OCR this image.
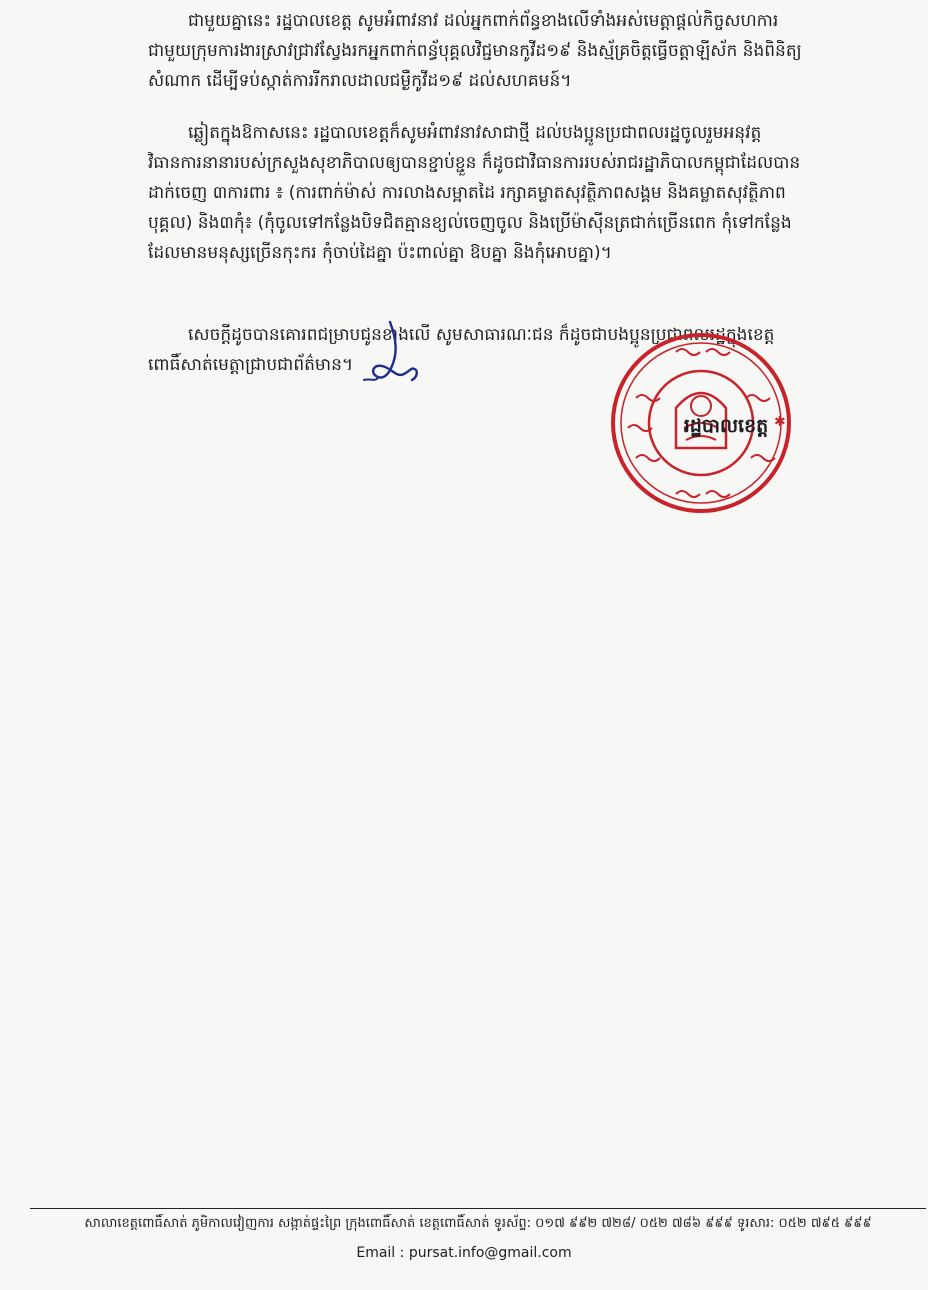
ជាមួយគ្នានេះ រដ្ឋបាលខេត្ត សូមអំពាវនាវ ដល់អ្នកពាក់ព័ន្ធខាងលើទាំងអស់មេត្តាផ្តល់កិច្ចសហការ
ជាមួយក្រុមការងារស្រាវជ្រាវស្វែងរកអ្នកពាក់ពន្ធ័បុគ្គលវិជ្ជមានកូវីដ១៩ និងស្ម័គ្រចិត្តធ្វើចត្តាឡីស័ក និងពិនិត្យ
សំណាក ដើម្បីទប់ស្កាត់ការរីករាលដាលជម្ងឺកូវីដ១៩ ដល់សហគមន៍។

ឆ្លៀតក្នុងឱកាសនេះ រដ្ឋបាលខេត្តក៏សូមអំពាវនាវសាជាថ្មី ដល់បងប្អូនប្រជាពលរដ្ឋចូលរួមអនុវត្ត
វិធានការនានារបស់ក្រសួងសុខាភិបាលឲ្យបានខ្ជាប់ខ្ជួន ក៏ដូចជាវិធានការរបស់រាជរដ្ឋាភិបាលកម្ពុជាដែលបាន
ដាក់ចេញ ៣ការពារ ៖ (ការពាក់ម៉ាស់ ការលាងសម្អាតដៃ រក្សាគម្លាតសុវត្ថិភាពសង្គម និងគម្លាតសុវត្ថិភាព
បុគ្គល) និង៣កុំ៖ (កុំចូលទៅកន្លែងបិទជិតគ្មានខ្យល់ចេញចូល និងប្រើម៉ាស៊ីនត្រជាក់ច្រើនពេក កុំទៅកន្លែង
ដែលមានមនុស្សច្រើនកុះករ កុំចាប់ដៃគ្នា ប៉ះពាល់គ្នា ឱបគ្នា និងកុំអោបគ្នា)។

សេចក្តីដូចបានគោរពជម្រាបជូនខាងលើ សូមសាធារណៈជន ក៏ដូចជាបងប្អូនប្រជាពលរដ្ឋក្នុងខេត្ត
ពោធិ៍សាត់មេត្តាជ្រាបជាព័ត៌មាន។

✱
រដ្ឋបាលខេត្ត
សាលាខេត្តពោធិ៍សាត់ ភូមិកាលវៀញការ សង្កាត់ផ្ទះព្រៃ ក្រុងពោធិ៍សាត់ ខេត្តពោធិ៍សាត់ ទូរស័ព្ទ: ០១៧ ៩៩២ ៧២៨/ ០៥២ ៧៨៦ ៩៩៩ ទូរសារ: ០៥២ ៧៩៥ ៩៩៩
Email : pursat.info@gmail.com
